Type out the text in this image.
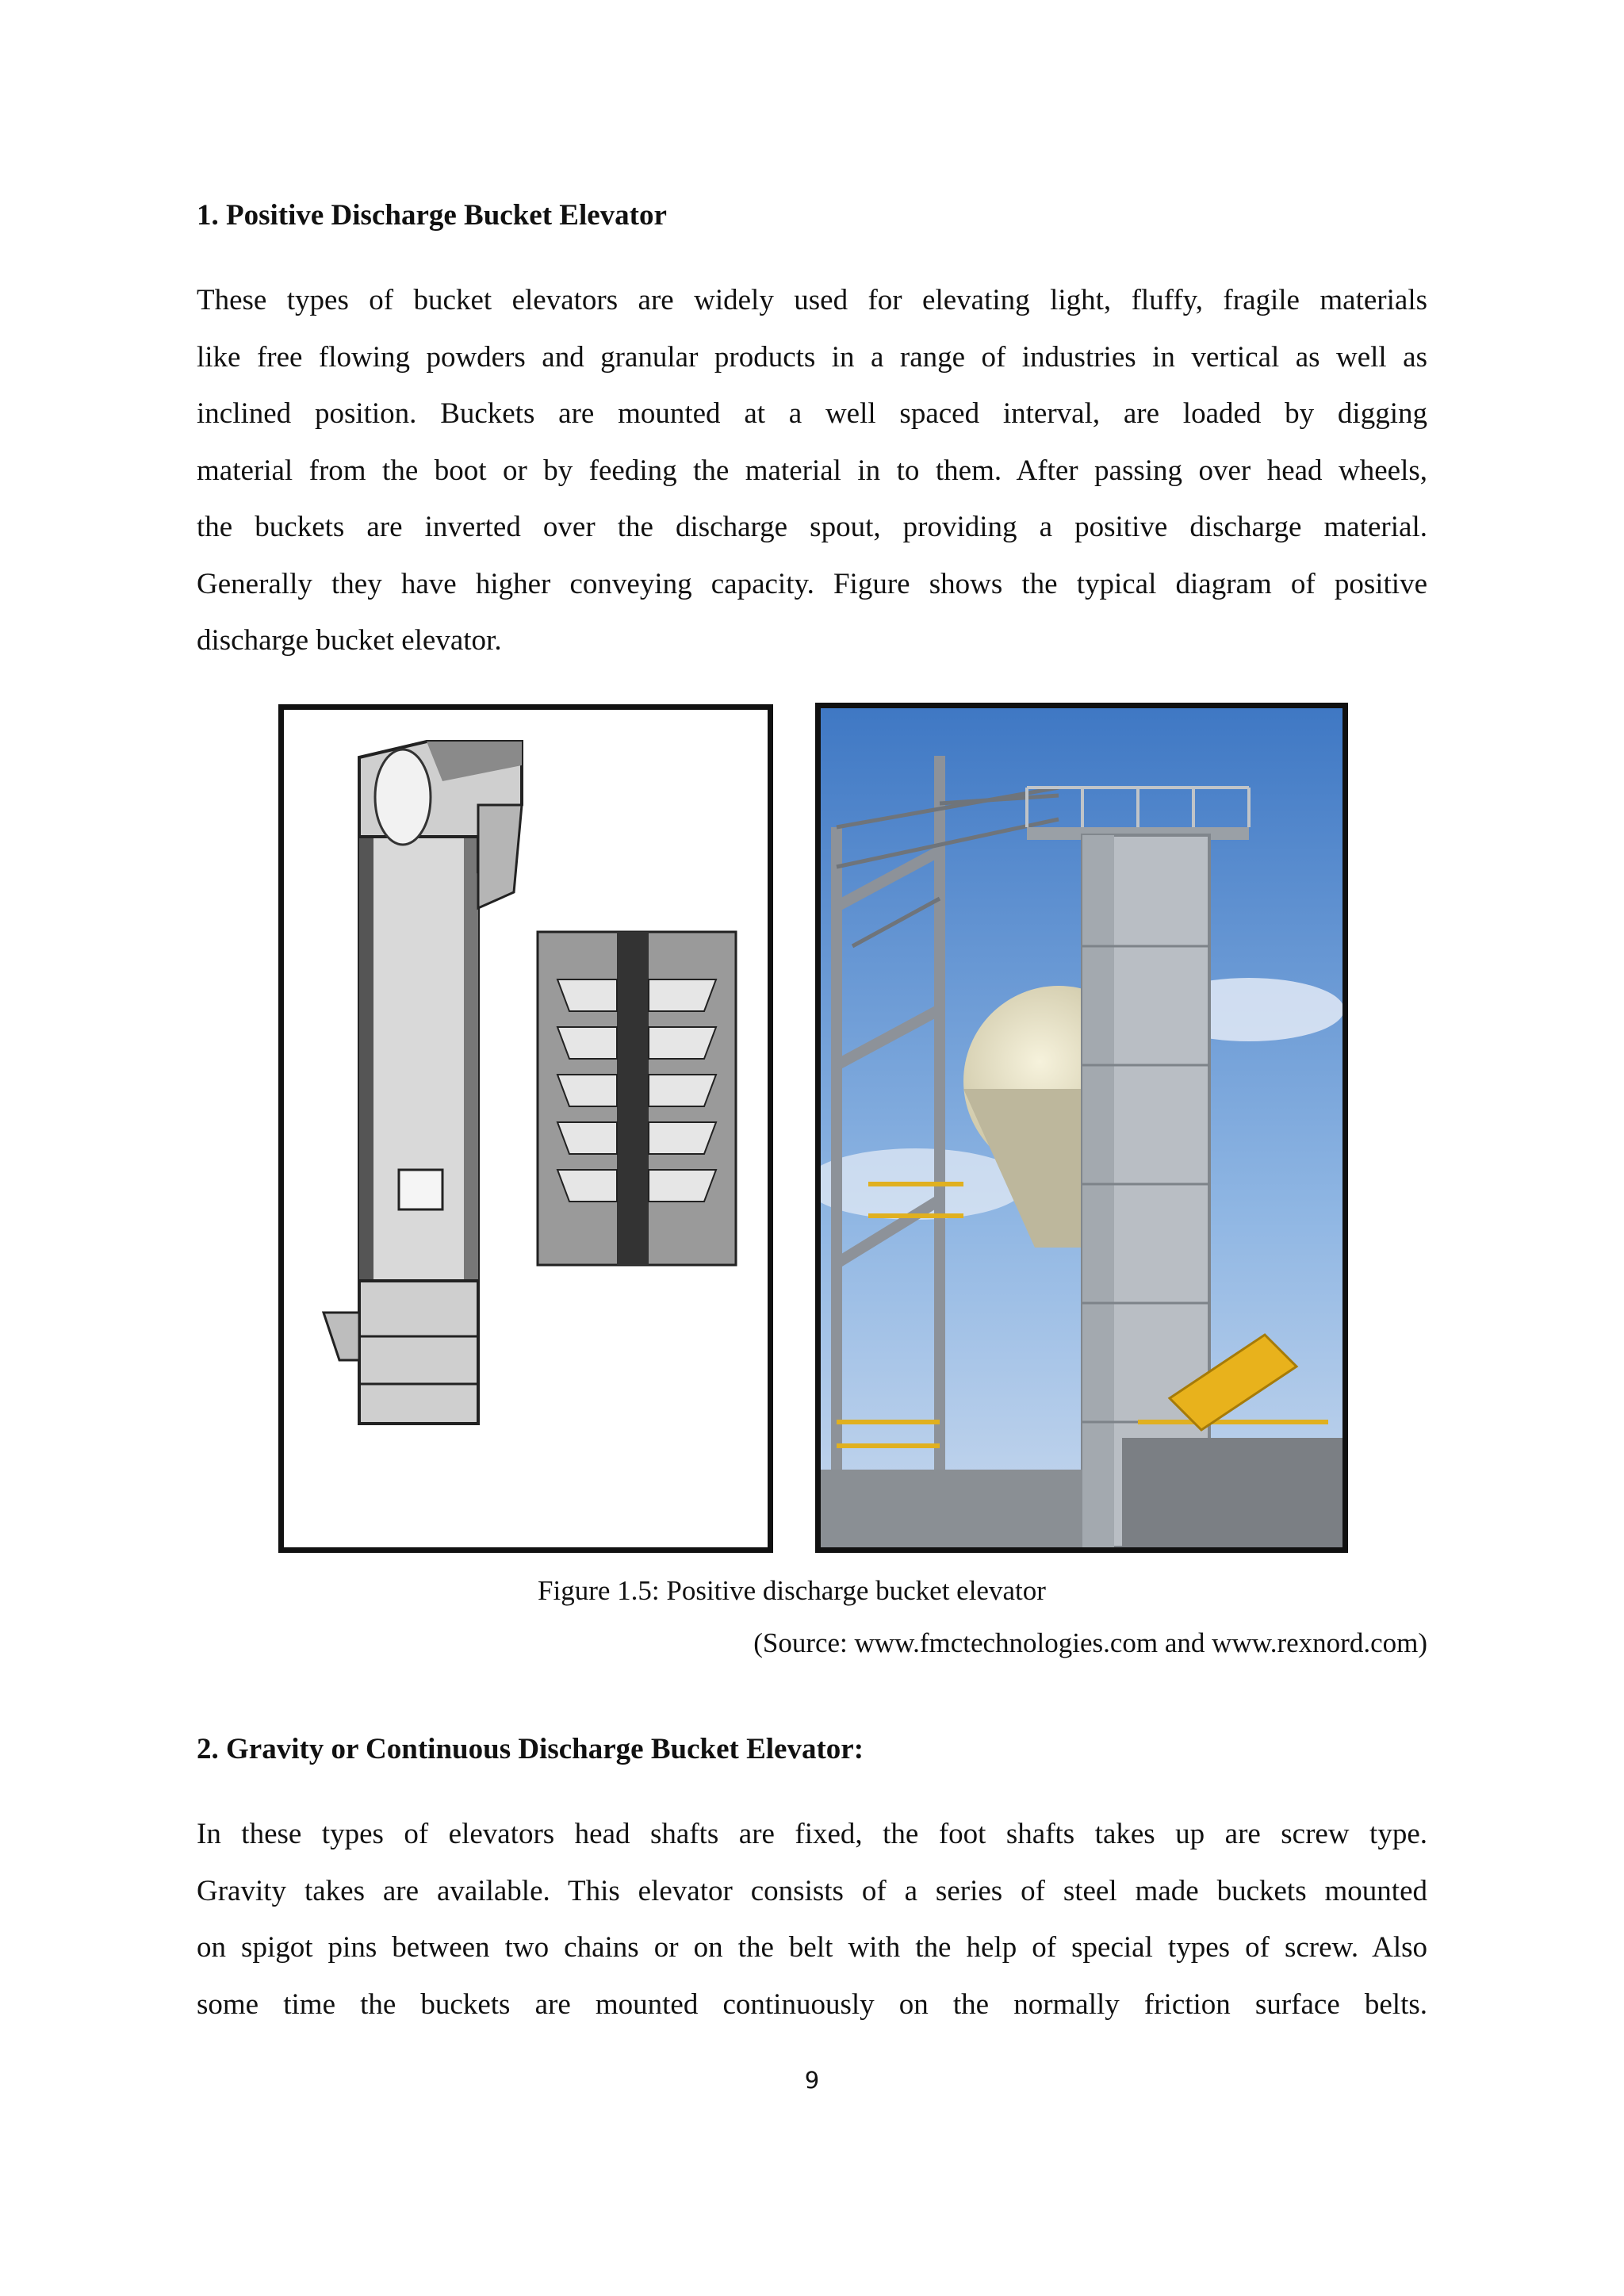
1. Positive Discharge Bucket Elevator

These types of bucket elevators are widely used for elevating light, fluffy, fragile materials
like free flowing powders and granular products in a range of industries in vertical as well as
inclined position. Buckets are mounted at a well spaced interval, are loaded by digging
material from the boot or by feeding the material in to them. After passing over head wheels,
the buckets are inverted over the discharge spout, providing a positive discharge material.
Generally they have higher conveying capacity. Figure shows the typical diagram of positive
discharge bucket elevator.

Figure 1.5: Positive discharge bucket elevator

(Source: www.fmctechnologies.com and www.rexnord.com)

2. Gravity or Continuous Discharge Bucket Elevator:

In these types of elevators head shafts are fixed, the foot shafts takes up are screw type.
Gravity takes are available. This elevator consists of a series of steel made buckets mounted
on spigot pins between two chains or on the belt with the help of special types of screw. Also
some time the buckets are mounted continuously on the normally friction surface belts.

9
